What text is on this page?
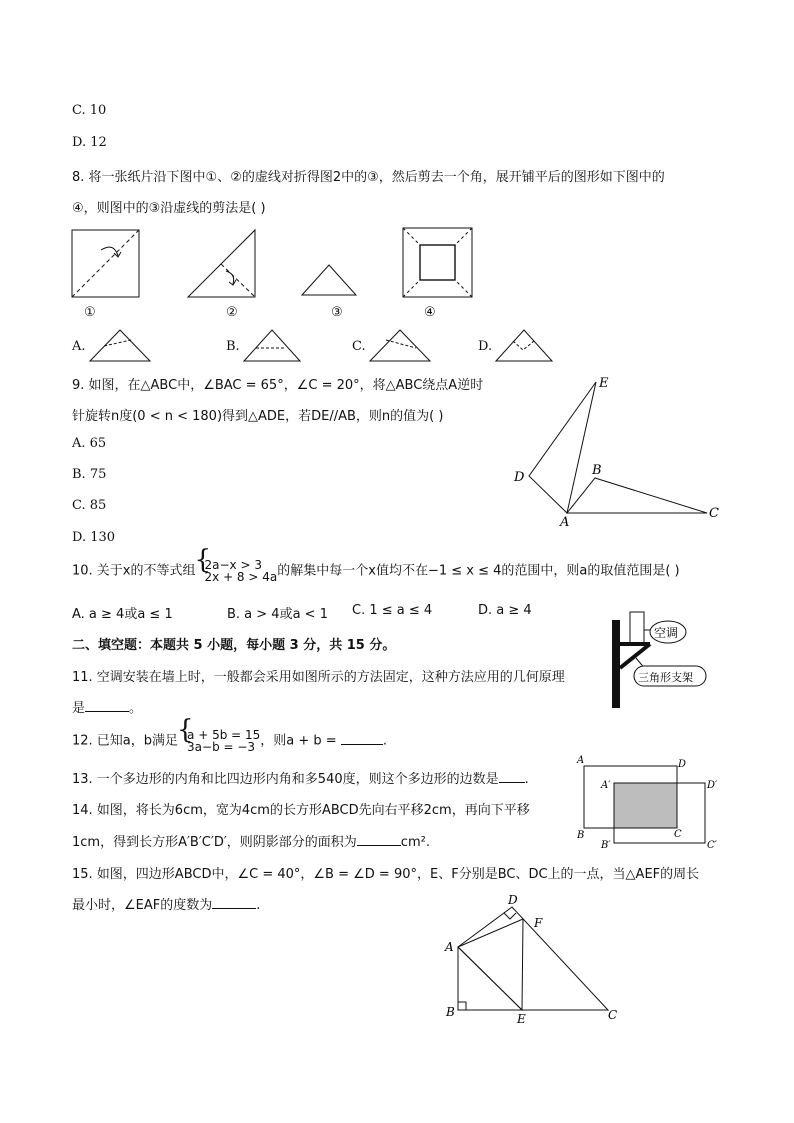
C. 10
D. 12
8. 将一张纸片沿下图中①、②的虚线对折得图2中的③，然后剪去一个角，展开铺平后的图形如下图中的
④，则图中的③沿虚线的剪法是( )
①	②	③	④
A.	B.	C.	D.
9. 如图，在△ABC中，∠BAC = 65°，∠C = 20°，将△ABC绕点A逆时
针旋转n度(0 < n < 180)得到△ADE，若DE//AB，则n的值为( )
A. 65
B. 75
C. 85
D. 130
E
B
D
A
C
10. 关于x的不等式组 { 2a−x > 3
2x + 8 > 4a的解集中每一个x值均不在−1 ≤ x ≤ 4的范围中，则a的取值范围是( )
A. a ≥ 4或a ≤ 1	B. a > 4或a < 1 C. 1 ≤ a ≤ 4	D. a ≥ 4
二、填空题：本题共 5 小题，每小题 3 分，共 15 分。
11. 空调安装在墙上时，一般都会采用如图所示的方法固定，这种方法应用的几何原理
是	。
空调
三角形支架
12. 已知a，b满足 { a + 5b = 15
3a−b = −3 ，则a + b =	.
13. 一个多边形的内角和比四边形内角和多540度，则这个多边形的边数是 .
14. 如图，将长为6cm，宽为4cm的长方形ABCD先向右平移2cm，再向下平移
1cm，得到长方形A′B′C′D′，则阴影部分的面积为	cm².
A	D
A′	D′
B	C
B′	C′
15. 如图，四边形ABCD中，∠C = 40°，∠B = ∠D = 90°，E、F分别是BC、DC上的一点，当△AEF的周长
最小时，∠EAF的度数为	.	D
F
A
B	E	C
